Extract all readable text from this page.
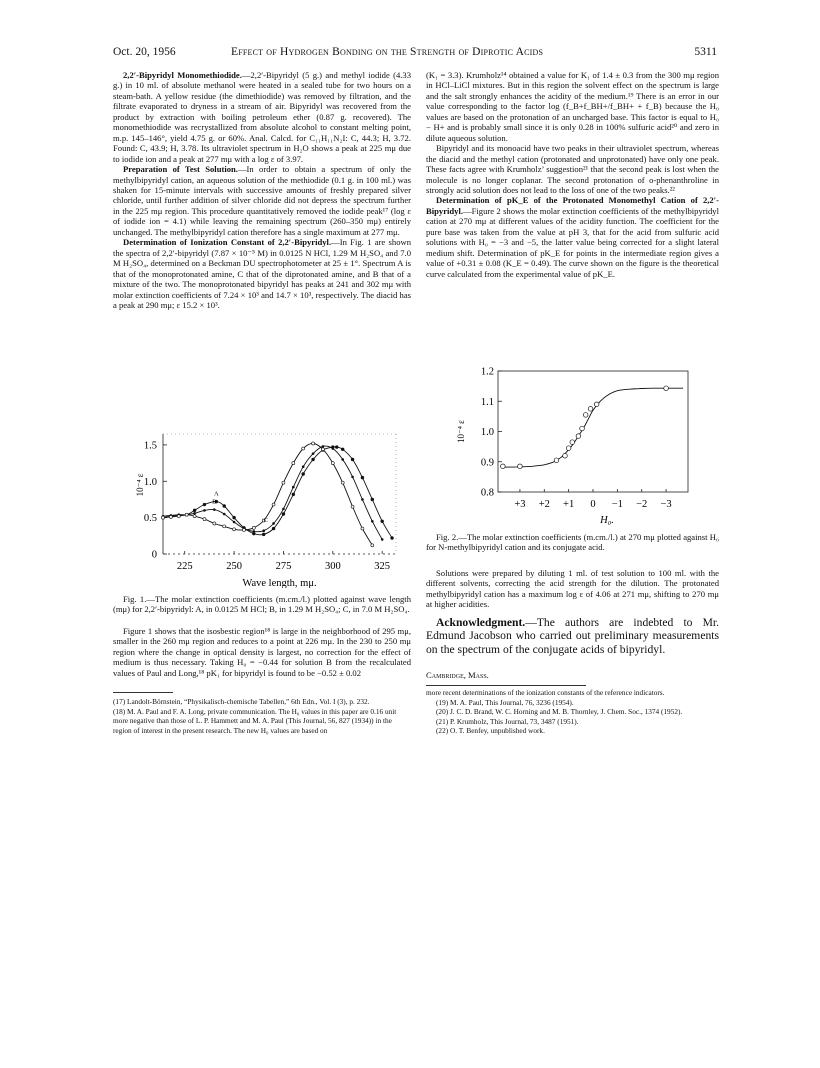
Oct. 20, 1956	Effect of Hydrogen Bonding on the Strength of Diprotic Acids	5311

2,2′-Bipyridyl Monomethiodide.—2,2′-Bipyridyl (5 g.) and methyl iodide (4.33 g.) in 10 ml. of absolute methanol were heated in a sealed tube for two hours on a steam-bath. A yellow residue (the dimethiodide) was removed by filtration, and the filtrate evaporated to dryness in a stream of air. Bipyridyl was recovered from the product by extraction with boiling petroleum ether (0.87 g. recovered). The monomethiodide was recrystallized from absolute alcohol to constant melting point, m.p. 145–146°, yield 4.75 g. or 60%. Anal. Calcd. for C₁₁H₁₁N₂I: C, 44.3; H, 3.72. Found: C, 43.9; H, 3.78. Its ultraviolet spectrum in H₂O shows a peak at 225 mμ due to iodide ion and a peak at 277 mμ with a log ε of 3.97.

Preparation of Test Solution.—In order to obtain a spectrum of only the methylbipyridyl cation, an aqueous solution of the methiodide (0.1 g. in 100 ml.) was shaken for 15-minute intervals with successive amounts of freshly prepared silver chloride, until further addition of silver chloride did not depress the spectrum further in the 225 mμ region. This procedure quantitatively removed the iodide peak¹⁷ (log ε of iodide ion = 4.1) while leaving the remaining spectrum (260–350 mμ) entirely unchanged. The methylbipyridyl cation therefore has a single maximum at 277 mμ.

Determination of Ionization Constant of 2,2′-Bipyridyl.—In Fig. 1 are shown the spectra of 2,2′-bipyridyl (7.87 × 10⁻⁵ M) in 0.0125 N HCl, 1.29 M H₂SO₄ and 7.0 M H₂SO₄, determined on a Beckman DU spectrophotometer at 25 ± 1°. Spectrum A is that of the monoprotonated amine, C that of the diprotonated amine, and B that of a mixture of the two. The monoprotonated bipyridyl has peaks at 241 and 302 mμ with molar extinction coefficients of 7.24 × 10³ and 14.7 × 10³, respectively. The diacid has a peak at 290 mμ; ε 15.2 × 10³.

0
0.5
1.0
1.5
225	250	275	300	325
10⁻⁴ ε
Wave length, mμ.
A
B
C

Fig. 1.—The molar extinction coefficients (m.cm./l.) plotted against wave length (mμ) for 2,2′-bipyridyl: A, in 0.0125 M HCl; B, in 1.29 M H₂SO₄; C, in 7.0 M H₂SO₄.

Figure 1 shows that the isosbestic region¹⁸ is large in the neighborhood of 295 mμ, smaller in the 260 mμ region and reduces to a point at 226 mμ. In the 230 to 250 mμ region where the change in optical density is largest, no correction for the effect of medium is thus necessary. Taking H₀ = −0.44 for solution B from the recalculated values of Paul and Long,¹⁸ pK₁ for bipyridyl is found to be −0.52 ± 0.02

(17) Landolt-Börnstein, “Physikalisch-chemische Tabellen,” 6th Edn., Vol. I (3), p. 232.

(18) M. A. Paul and F. A. Long, private communication. The H₀ values in this paper are 0.16 unit more negative than those of L. P. Hammett and M. A. Paul (This Journal, 56, 827 (1934)) in the region of interest in the present research. The new H₀ values are based on

(K₁ = 3.3). Krumholz¹⁴ obtained a value for K₁ of 1.4 ± 0.3 from the 300 mμ region in HCl–LiCl mixtures. But in this region the solvent effect on the spectrum is large and the salt strongly enhances the acidity of the medium.¹⁹ There is an error in our value corresponding to the factor log (f_B+f_BH+/f_BH+ + f_B) because the H₀ values are based on the protonation of an uncharged base. This factor is equal to H₀ − H+ and is probably small since it is only 0.28 in 100% sulfuric acid²⁰ and zero in dilute aqueous solution.

Bipyridyl and its monoacid have two peaks in their ultraviolet spectrum, whereas the diacid and the methyl cation (protonated and unprotonated) have only one peak. These facts agree with Krumholz’ suggestion²¹ that the second peak is lost when the molecule is no longer coplanar. The second protonation of o-phenanthroline in strongly acid solution does not lead to the loss of one of the two peaks.²²

Determination of pK_E of the Protonated Monomethyl Cation of 2,2′-Bipyridyl.—Figure 2 shows the molar extinction coefficients of the methylbipyridyl cation at 270 mμ at different values of the acidity function. The coefficient for the pure base was taken from the value at pH 3, that for the acid from sulfuric acid solutions with H₀ = −3 and −5, the latter value being corrected for a slight lateral medium shift. Determination of pK_E for points in the intermediate region gives a value of +0.31 ± 0.08 (K_E = 0.49). The curve shown on the figure is the theoretical curve calculated from the experimental value of pK_E.

0.8
0.9
1.0
1.1
1.2
+3 +2 +1 0 −1 −2 −3
10⁻⁴ ε
H₀.

Fig. 2.—The molar extinction coefficients (m.cm./l.) at 270 mμ plotted against H₀ for N-methylbipyridyl cation and its conjugate acid.

Solutions were prepared by diluting 1 ml. of test solution to 100 ml. with the different solvents, correcting the acid strength for the dilution. The protonated methylbipyridyl cation has a maximum log ε of 4.06 at 271 mμ, shifting to 270 mμ at higher acidities.

Acknowledgment.—The authors are indebted to Mr. Edmund Jacobson who carried out preliminary measurements on the spectrum of the conjugate acids of bipyridyl.

Cambridge, Mass.

more recent determinations of the ionization constants of the reference indicators.

(19) M. A. Paul, This Journal, 76, 3236 (1954).

(20) J. C. D. Brand, W. C. Horning and M. B. Thornley, J. Chem. Soc., 1374 (1952).

(21) P. Krumholz, This Journal, 73, 3487 (1951).

(22) O. T. Benfey, unpublished work.
